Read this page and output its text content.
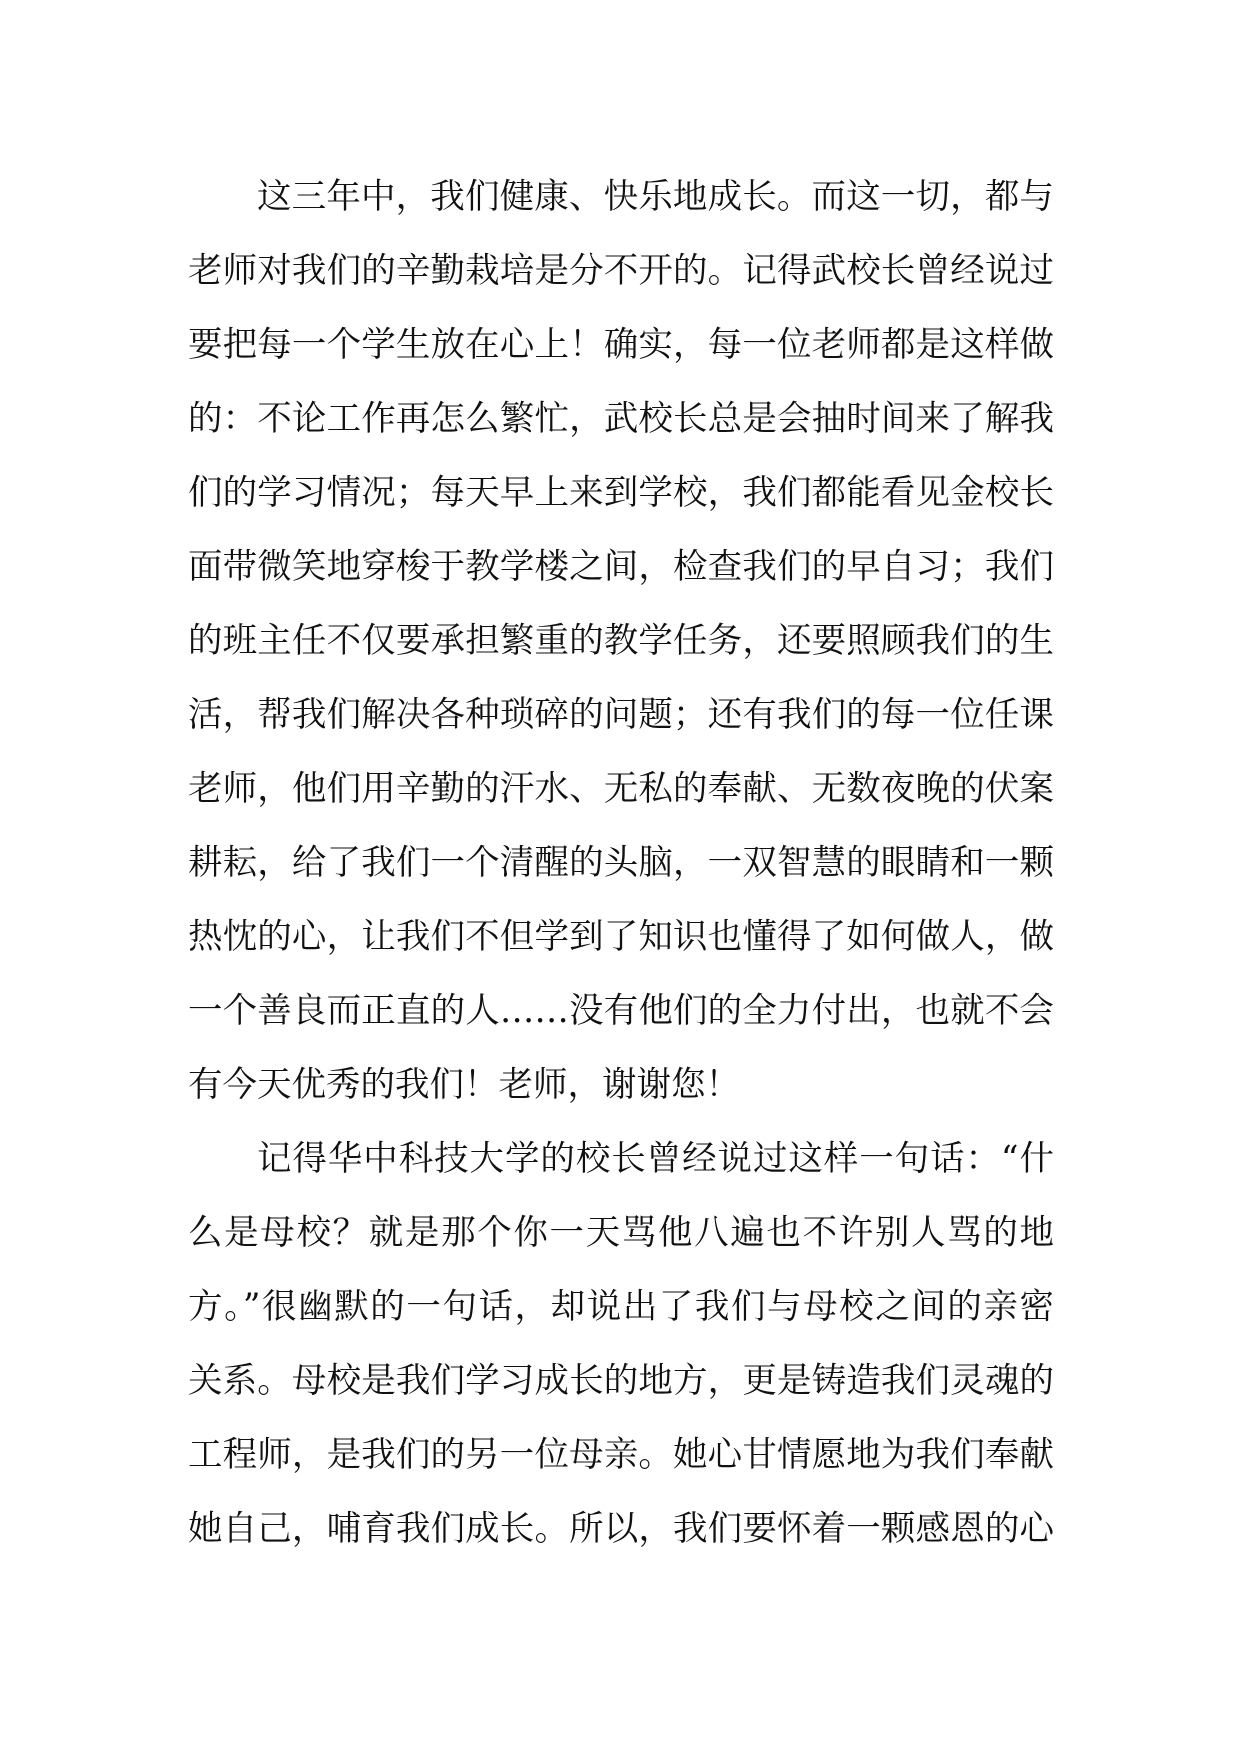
这三年中，我们健康、快乐地成长。而这一切，都与
老师对我们的辛勤栽培是分不开的。记得武校长曾经说过
要把每一个学生放在心上！确实，每一位老师都是这样做
的：不论工作再怎么繁忙，武校长总是会抽时间来了解我
们的学习情况；每天早上来到学校，我们都能看见金校长
面带微笑地穿梭于教学楼之间，检查我们的早自习；我们
的班主任不仅要承担繁重的教学任务，还要照顾我们的生
活，帮我们解决各种琐碎的问题；还有我们的每一位任课
老师，他们用辛勤的汗水、无私的奉献、无数夜晚的伏案
耕耘，给了我们一个清醒的头脑，一双智慧的眼睛和一颗
热忱的心，让我们不但学到了知识也懂得了如何做人，做
一个善良而正直的人……没有他们的全力付出，也就不会
有今天优秀的我们！老师，谢谢您！
记得华中科技大学的校长曾经说过这样一句话：“什
么是母校？就是那个你一天骂他八遍也不许别人骂的地
方。”很幽默的一句话，却说出了我们与母校之间的亲密
关系。母校是我们学习成长的地方，更是铸造我们灵魂的
工程师，是我们的另一位母亲。她心甘情愿地为我们奉献
她自己，哺育我们成长。所以，我们要怀着一颗感恩的心
